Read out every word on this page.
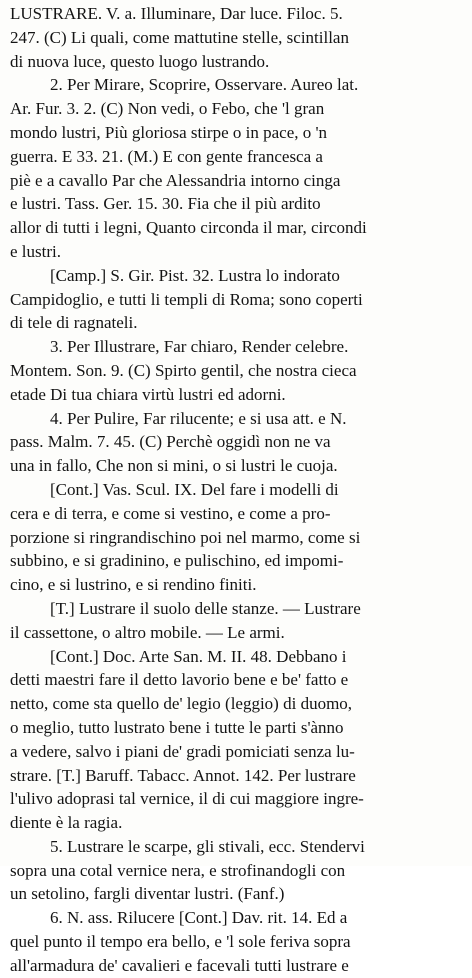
LUSTRARE. V. a. Illuminare, Dar luce. Filoc. 5.
247. (C) Li quali, come mattutine stelle, scintillan
di nuova luce, questo luogo lustrando.
2. Per Mirare, Scoprire, Osservare. Aureo lat.
Ar. Fur. 3. 2. (C) Non vedi, o Febo, che 'l gran
mondo lustri, Più gloriosa stirpe o in pace, o 'n
guerra. E 33. 21. (M.) E con gente francesca a
piè e a cavallo Par che Alessandria intorno cinga
e lustri. Tass. Ger. 15. 30. Fia che il più ardito
allor di tutti i legni, Quanto circonda il mar, circondi
e lustri.
[Camp.] S. Gir. Pist. 32. Lustra lo indorato
Campidoglio, e tutti li templi di Roma; sono coperti
di tele di ragnateli.
3. Per Illustrare, Far chiaro, Render celebre.
Montem. Son. 9. (C) Spirto gentil, che nostra cieca
etade Di tua chiara virtù lustri ed adorni.
4. Per Pulire, Far rilucente; e si usa att. e N.
pass. Malm. 7. 45. (C) Perchè oggidì non ne va
una in fallo, Che non si mini, o si lustri le cuoja.
[Cont.] Vas. Scul. IX. Del fare i modelli di
cera e di terra, e come si vestino, e come a pro-
porzione si ringrandischino poi nel marmo, come si
subbino, e si gradinino, e pulischino, ed impomi-
cino, e si lustrino, e si rendino finiti.
[T.] Lustrare il suolo delle stanze. — Lustrare
il cassettone, o altro mobile. — Le armi.
[Cont.] Doc. Arte San. M. II. 48. Debbano i
detti maestri fare il detto lavorio bene e be' fatto e
netto, come sta quello de' legio (leggio) di duomo,
o meglio, tutto lustrato bene i tutte le parti s'ànno
a vedere, salvo i piani de' gradi pomiciati senza lu-
strare. [T.] Baruff. Tabacc. Annot. 142. Per lustrare
l'ulivo adoprasi tal vernice, il di cui maggiore ingre-
diente è la ragia.
5. Lustrare le scarpe, gli stivali, ecc. Stendervi
sopra una cotal vernice nera, e strofinandogli con
un setolino, fargli diventar lustri. (Fanf.)
6. N. ass. Rilucere [Cont.] Dav. rit. 14. Ed a
quel punto il tempo era bello, e 'l sole feriva sopra
all'armadura de' cavalieri e facevali tutti lustrare e
